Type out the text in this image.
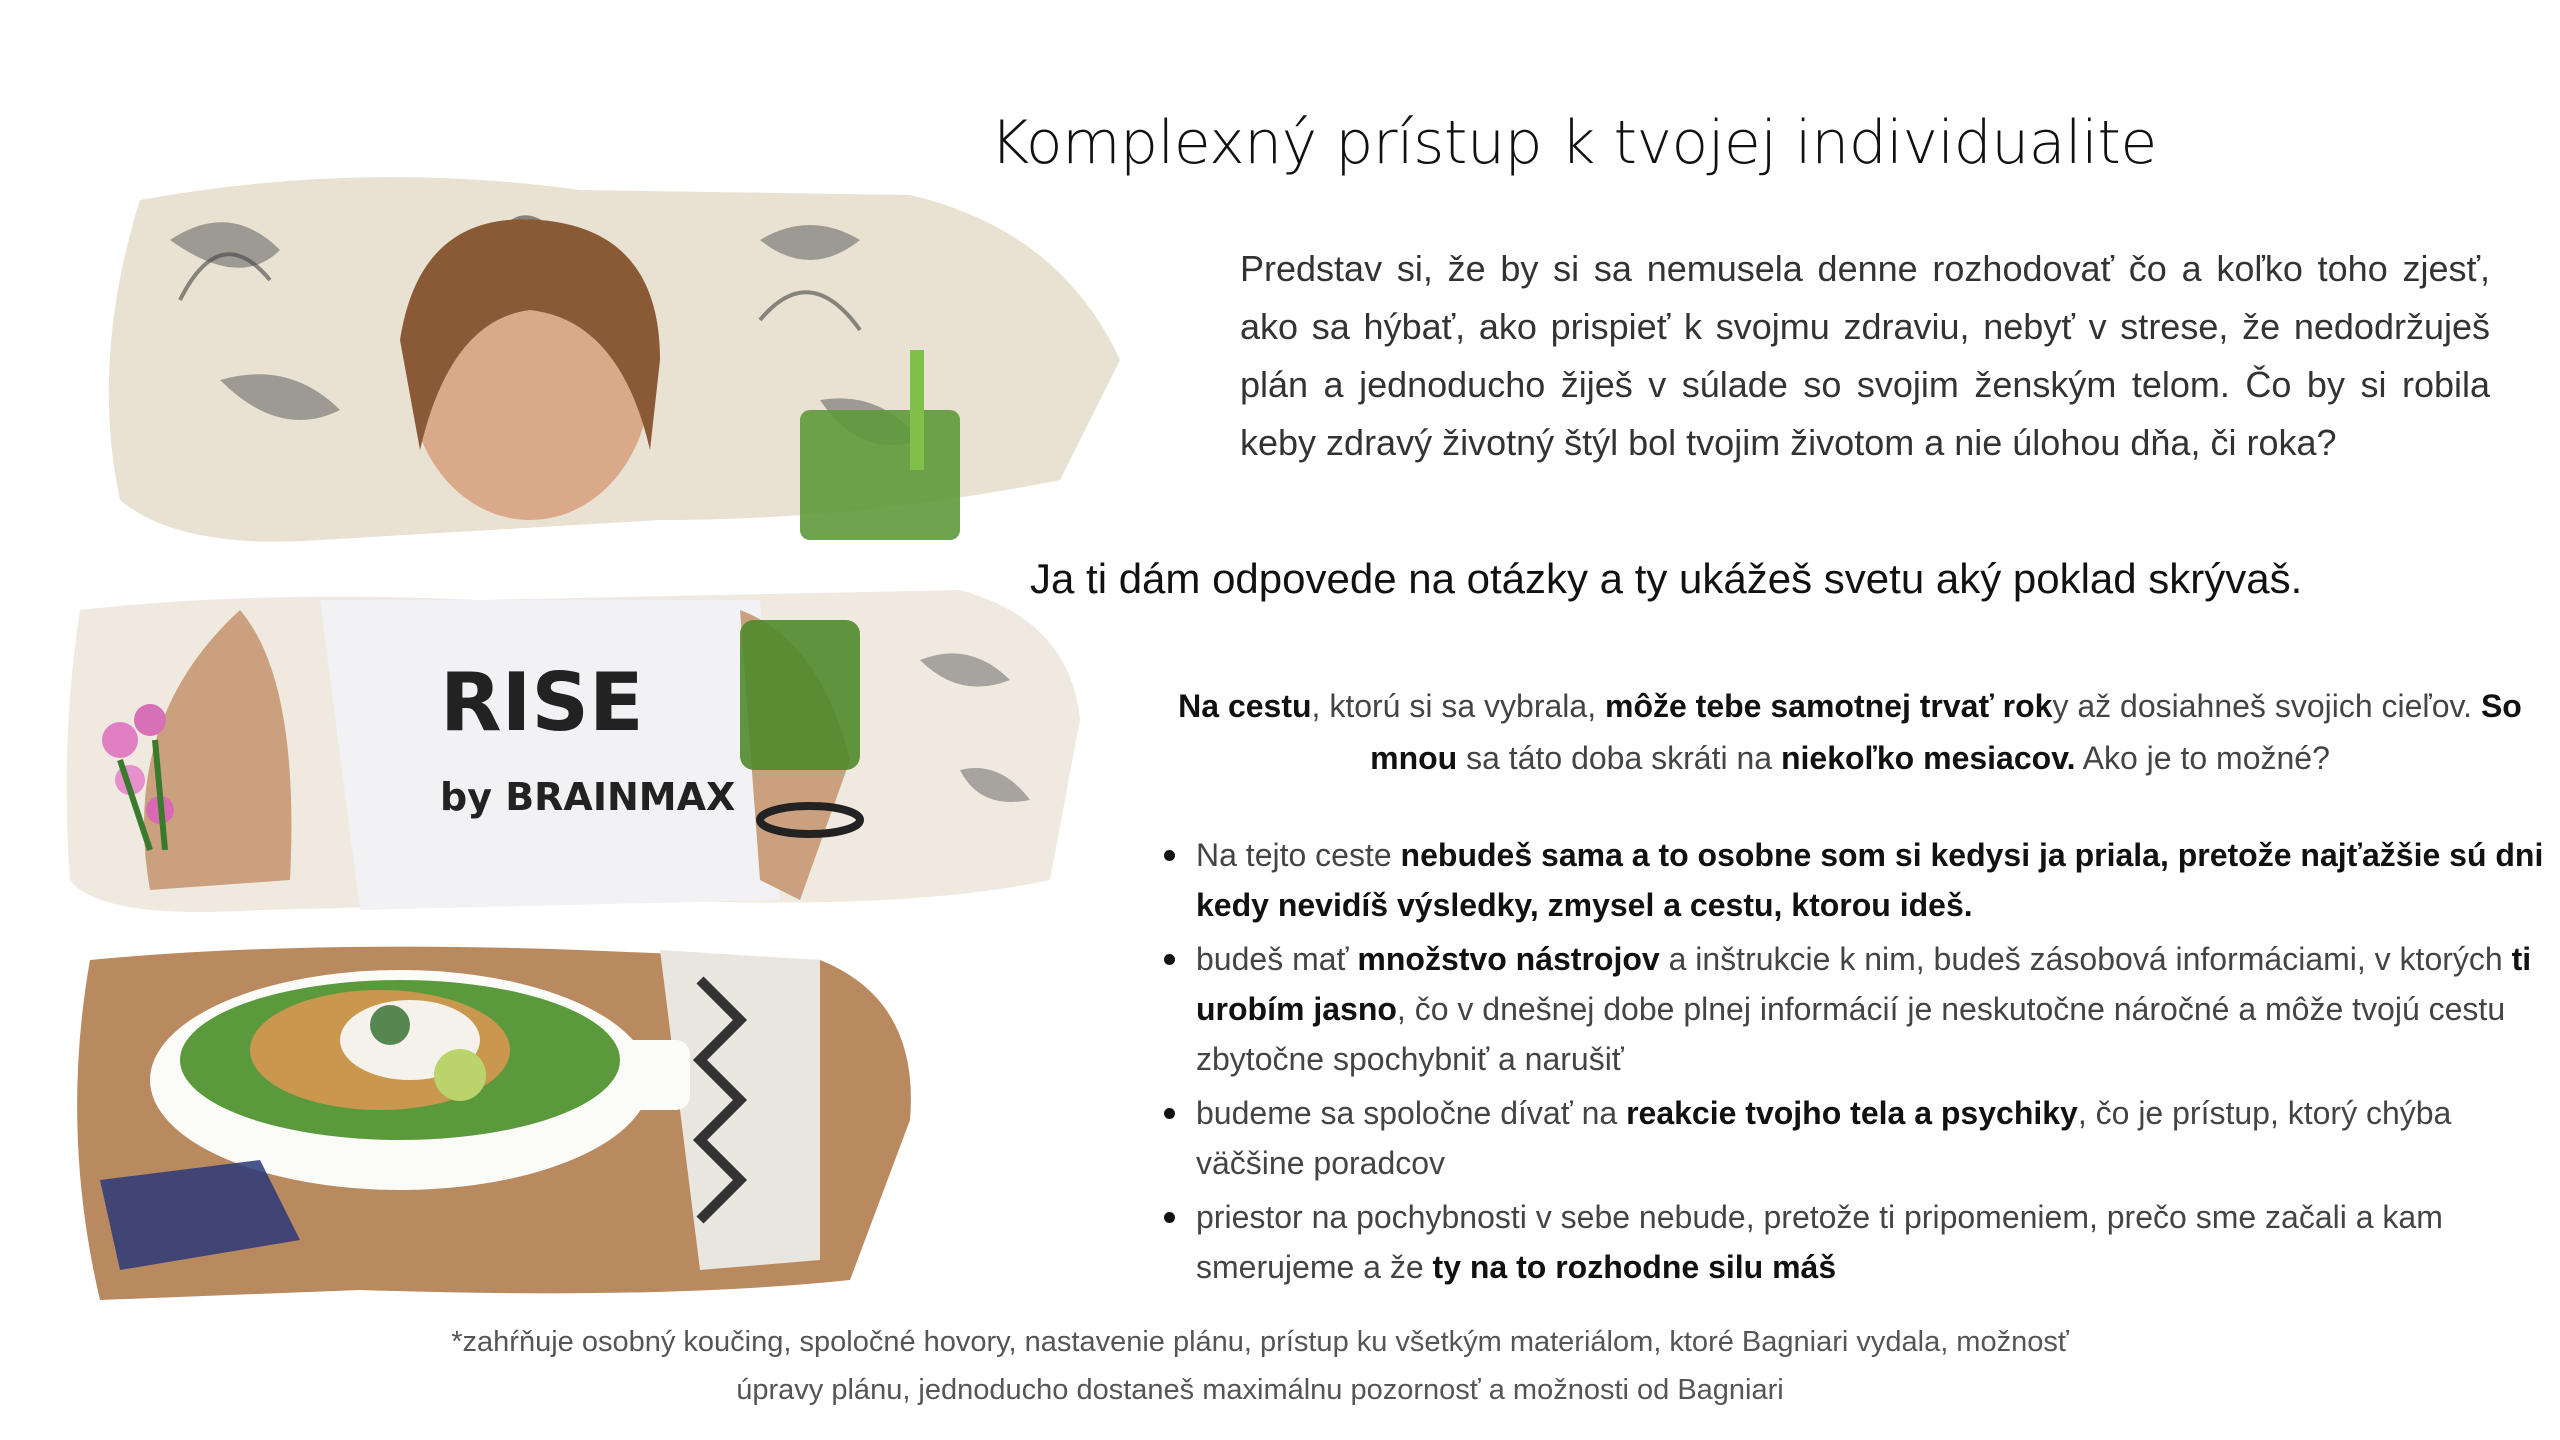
RISE
by BRAINMAX
Komplexný prístup k tvojej individualite
Predstav si, že by si sa nemusela denne rozhodovať čo a koľko toho zjesť, ako sa hýbať, ako prispieť k svojmu zdraviu, nebyť v strese, že nedodržuješ plán a jednoducho žiješ v súlade so svojim ženským telom. Čo by si robila keby zdravý životný štýl bol tvojim životom a nie úlohou dňa, či roka?
Ja ti dám odpovede na otázky a ty ukážeš svetu aký poklad skrývaš.
Na cestu, ktorú si sa vybrala, môže tebe samotnej trvať roky až dosiahneš svojich cieľov. So mnou sa táto doba skráti na niekoľko mesiacov. Ako je to možné?
Na tejto ceste nebudeš sama a to osobne som si kedysi ja priala, pretože najťažšie sú dni kedy nevidíš výsledky, zmysel a cestu, ktorou ideš.
budeš mať množstvo nástrojov a inštrukcie k nim, budeš zásobová informáciami, v ktorých ti urobím jasno, čo v dnešnej dobe plnej informácií je neskutočne náročné a môže tvojú cestu zbytočne spochybniť a narušiť
budeme sa spoločne dívať na reakcie tvojho tela a psychiky, čo je prístup, ktorý chýba väčšine poradcov
priestor na pochybnosti v sebe nebude, pretože ti pripomeniem, prečo sme začali a kam smerujeme a že ty na to rozhodne silu máš
*zahŕňuje osobný koučing, spoločné hovory, nastavenie plánu, prístup ku všetkým materiálom, ktoré Bagniari vydala, možnosť úpravy plánu, jednoducho dostaneš maximálnu pozornosť a možnosti od Bagniari
